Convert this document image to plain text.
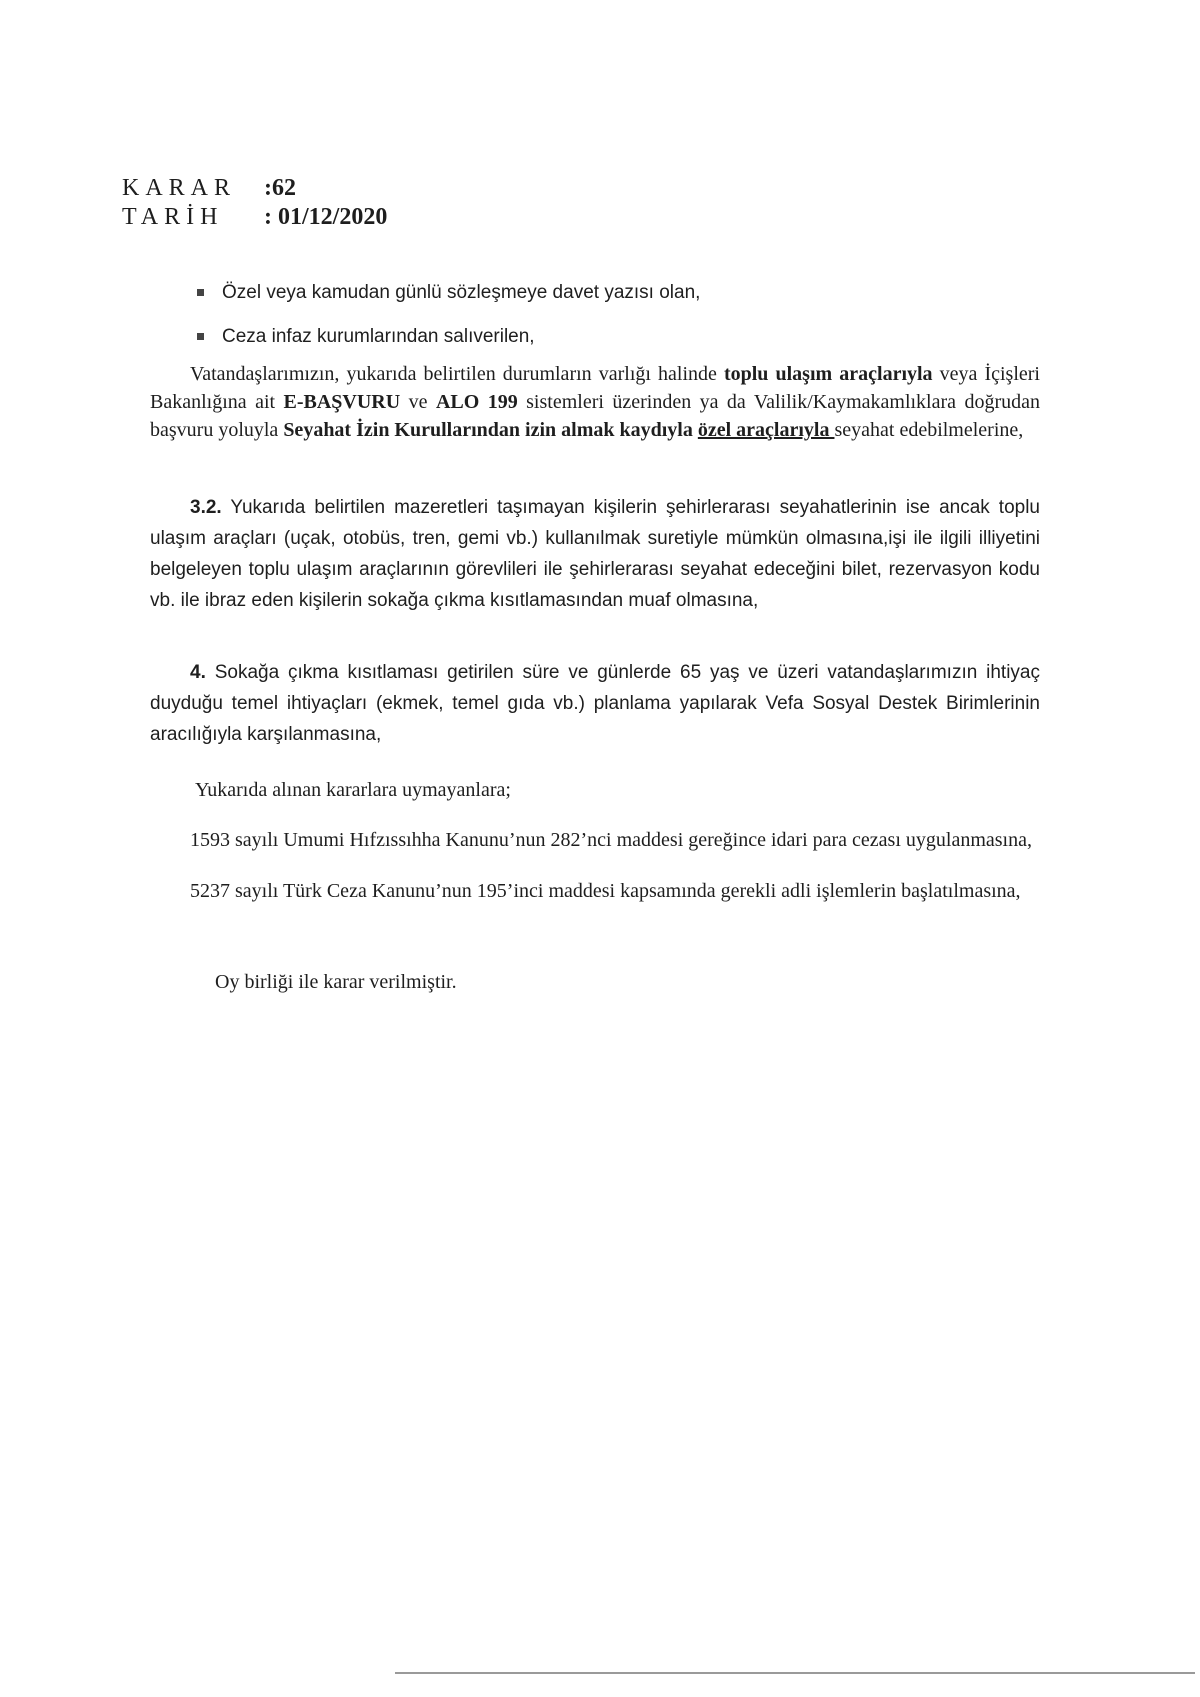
KARAR :62
TARİH : 01/12/2020
Özel veya kamudan günlü sözleşmeye davet yazısı olan,
Ceza infaz kurumlarından salıverilen,
Vatandaşlarımızın, yukarıda belirtilen durumların varlığı halinde toplu ulaşım araçlarıyla veya İçişleri Bakanlığına ait E-BAŞVURU ve ALO 199 sistemleri üzerinden ya da Valilik/Kaymakamlıklara doğrudan başvuru yoluyla Seyahat İzin Kurullarından izin almak kaydıyla özel araçlarıyla seyahat edebilmelerine,
3.2. Yukarıda belirtilen mazeretleri taşımayan kişilerin şehirlerarası seyahatlerinin ise ancak toplu ulaşım araçları (uçak, otobüs, tren, gemi vb.) kullanılmak suretiyle mümkün olmasına,işi ile ilgili illiyetini belgeleyen toplu ulaşım araçlarının görevlileri ile şehirlerarası seyahat edeceğini bilet, rezervasyon kodu vb. ile ibraz eden kişilerin sokağa çıkma kısıtlamasından muaf olmasına,
4. Sokağa çıkma kısıtlaması getirilen süre ve günlerde 65 yaş ve üzeri vatandaşlarımızın ihtiyaç duyduğu temel ihtiyaçları (ekmek, temel gıda vb.) planlama yapılarak Vefa Sosyal Destek Birimlerinin aracılığıyla karşılanmasına,
Yukarıda alınan kararlara uymayanlara;
1593 sayılı Umumi Hıfzıssıhha Kanunu’nun 282’nci maddesi gereğince idari para cezası uygulanmasına,
5237 sayılı Türk Ceza Kanunu’nun 195’inci maddesi kapsamında gerekli adli işlemlerin başlatılmasına,
Oy birliği ile karar verilmiştir.
